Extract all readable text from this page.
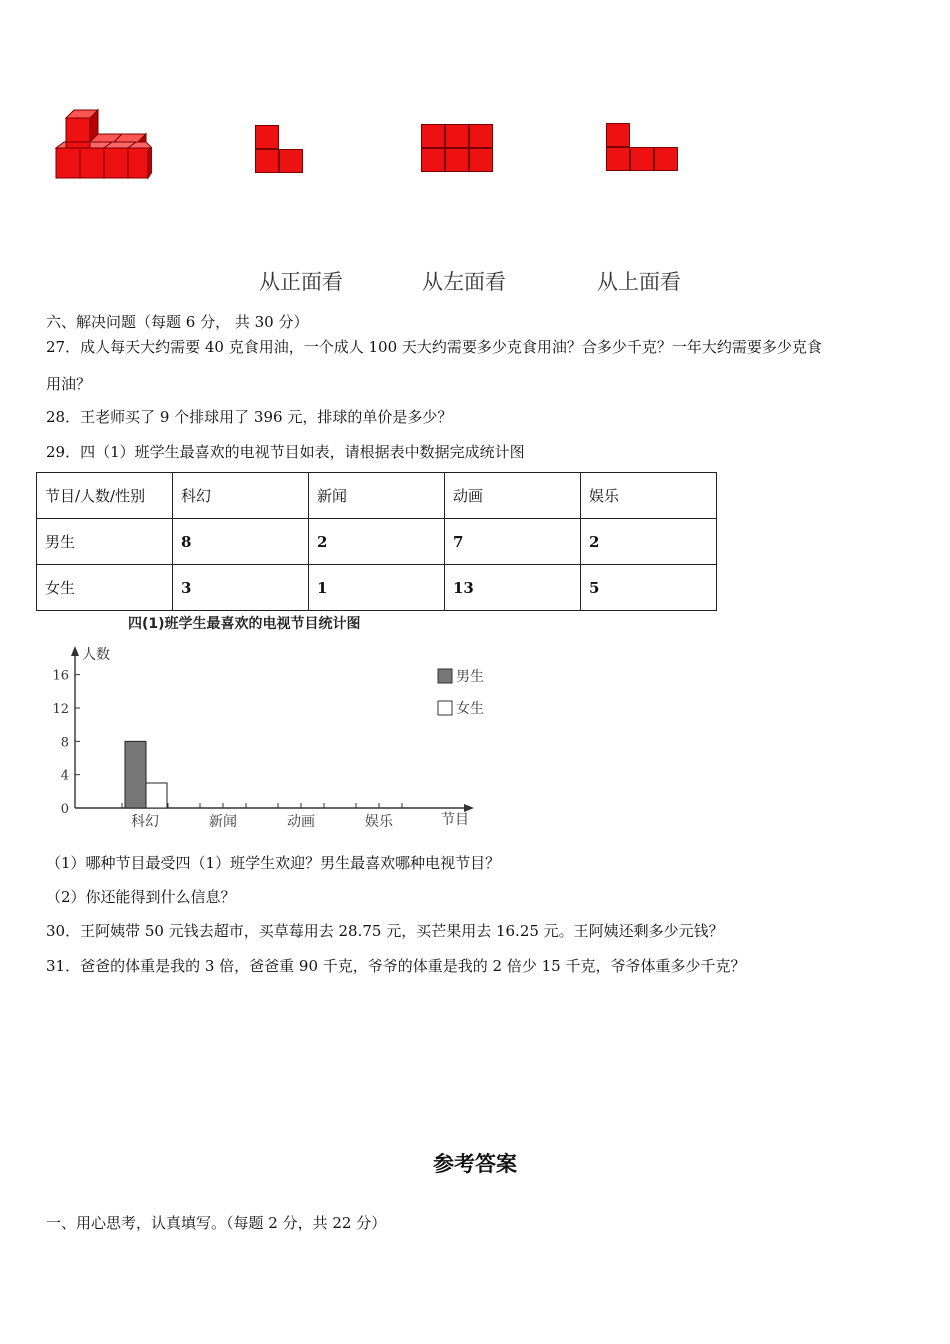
从正面看	从左面看	从上面看
六、解决问题（每题 6 分， 共 30 分）
27．成人每天大约需要 40 克食用油，一个成人 100 天大约需要多少克食用油？合多少千克？一年大约需要多少克食
用油？
28．王老师买了 9 个排球用了 396 元，排球的单价是多少？
29．四（1）班学生最喜欢的电视节目如表，请根据表中数据完成统计图
节目/人数/性别	科幻	新闻	动画	娱乐
男生	8	2	7	2
女生	3	1	13	5
四(1)班学生最喜欢的电视节目统计图
人数
节目
0
4
8
12
16
科幻	新闻	动画	娱乐
男生
女生
（1）哪种节目最受四（1）班学生欢迎？男生最喜欢哪种电视节目？
（2）你还能得到什么信息？
30．王阿姨带 50 元钱去超市，买草莓用去 28.75 元，买芒果用去 16.25 元。王阿姨还剩多少元钱？
31．爸爸的体重是我的 3 倍，爸爸重 90 千克，爷爷的体重是我的 2 倍少 15 千克，爷爷体重多少千克？
参考答案
一、用心思考，认真填写。（每题 2 分，共 22 分）
